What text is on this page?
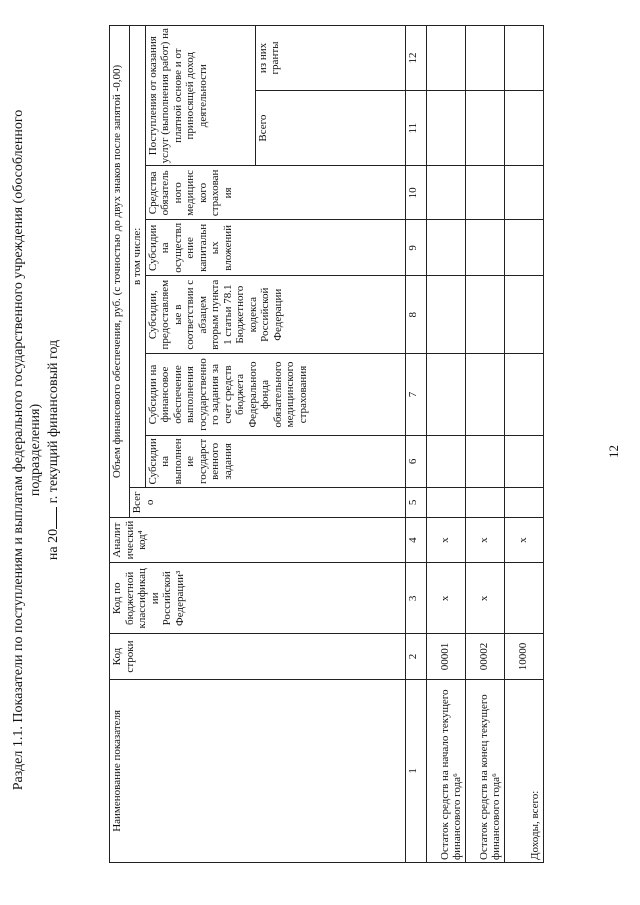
Раздел 1.1. Показатели по поступлениям и выплатам федерального государственного учреждения (обособленного подразделения)
на 20 г. текущий финансовый год
Наименование показателя	Код строки	Код по бюджетной классификации Российской Федерации³	Аналитический код⁴	Объем финансового обеспечения, руб. (с точностью до двух знаков после запятой -0,00)							
				Всего	в том числе:						
					Субсидии на выполнение государственного задания	Субсидии на финансовое обеспечение выполнения государственного задания за счет средств бюджета Федерального фонда обязательного медицинского страхования	Субсидии, предоставляемые в соответствии с абзацем вторым пункта 1 статьи 78.1 Бюджетного кодекса Российской Федерации	Субсидии на осуществление капитальных вложений	Средства обязательного медицинского страхования	Поступления от оказания услуг (выполнения работ) на платной основе и от приносящей доход деятельности	
										Всего	из них гранты
1	2	3	4	5	6	7	8	9	10	11	12
Остаток средств на начало текущего финансового года⁶	00001	x	x								
Остаток средств на конец текущего финансового года⁶	00002	x	x								
Доходы, всего:	10000		x								
12
